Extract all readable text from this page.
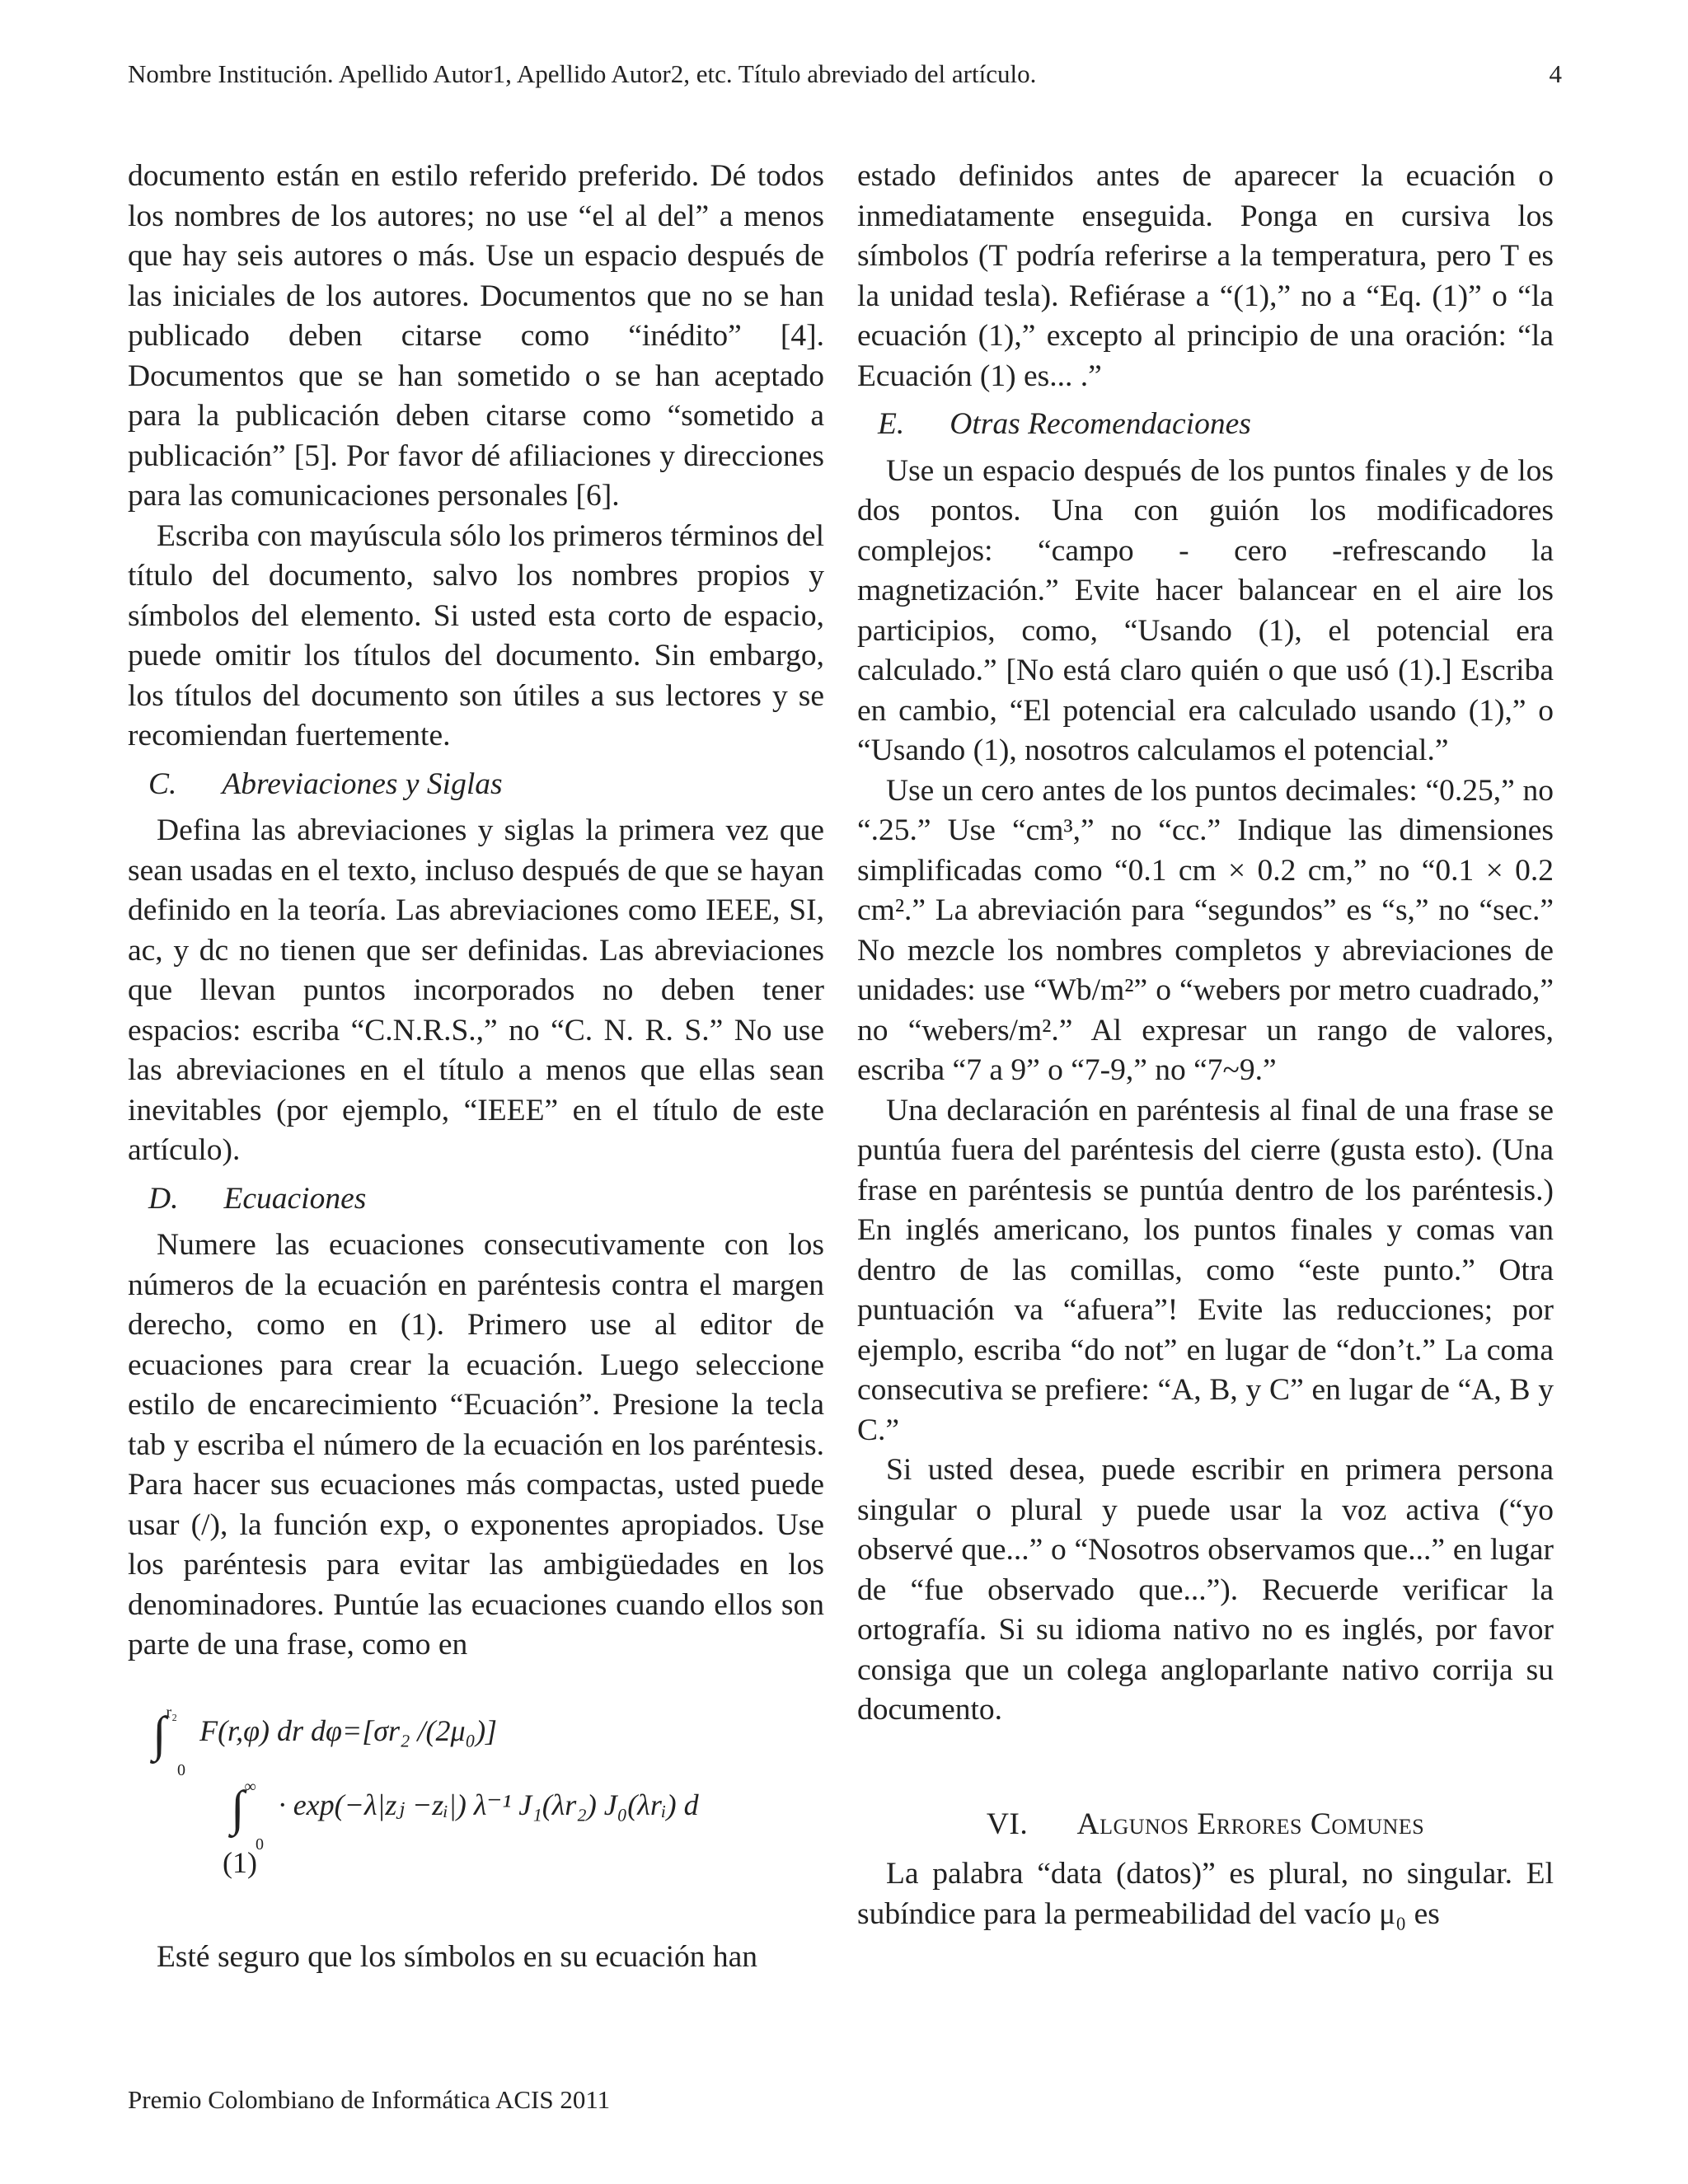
Nombre Institución. Apellido Autor1, Apellido Autor2, etc. Título abreviado del artículo.	4

documento están en estilo referido preferido. Dé todos los nombres de los autores; no use “el al del” a menos que hay seis autores o más. Use un espacio después de las iniciales de los autores. Documentos que no se han publicado deben citarse como “inédito” [4]. Documentos que se han sometido o se han aceptado para la publicación deben citarse como “sometido a publicación” [5]. Por favor dé afiliaciones y direcciones para las comunicaciones personales [6].

Escriba con mayúscula sólo los primeros términos del título del documento, salvo los nombres propios y símbolos del elemento. Si usted esta corto de espacio, puede omitir los títulos del documento. Sin embargo, los títulos del documento son útiles a sus lectores y se recomiendan fuertemente.

C. Abreviaciones y Siglas

Defina las abreviaciones y siglas la primera vez que sean usadas en el texto, incluso después de que se hayan definido en la teoría. Las abreviaciones como IEEE, SI, ac, y dc no tienen que ser definidas. Las abreviaciones que llevan puntos incorporados no deben tener espacios: escriba “C.N.R.S.,” no “C. N. R. S.” No use las abreviaciones en el título a menos que ellas sean inevitables (por ejemplo, “IEEE” en el título de este artículo).

D. Ecuaciones

Numere las ecuaciones consecutivamente con los números de la ecuación en paréntesis contra el margen derecho, como en (1). Primero use al editor de ecuaciones para crear la ecuación. Luego seleccione estilo de encarecimiento “Ecuación”. Presione la tecla tab y escriba el número de la ecuación en los paréntesis. Para hacer sus ecuaciones más compactas, usted puede usar (/), la función exp, o exponentes apropiados. Use los paréntesis para evitar las ambigüedades en los denominadores. Puntúe las ecuaciones cuando ellos son parte de una frase, como en

∫$^{r_2}$
0
F(r,φ) dr dφ=[σr₂ /(2μ₀)]
∫∞
0
· exp(−λ|zⱼ −zᵢ|) λ⁻¹ J₁(λr₂) J₀(λrᵢ) d
(1)

Esté seguro que los símbolos en su ecuación han

estado definidos antes de aparecer la ecuación o inmediatamente enseguida. Ponga en cursiva los símbolos (T podría referirse a la temperatura, pero T es la unidad tesla). Refiérase a “(1),” no a “Eq. (1)” o “la ecuación (1),” excepto al principio de una oración: “la Ecuación (1) es... .”

E. Otras Recomendaciones

Use un espacio después de los puntos finales y de los dos pontos. Una con guión los modificadores complejos: “campo - cero -refrescando la magnetización.” Evite hacer balancear en el aire los participios, como, “Usando (1), el potencial era calculado.” [No está claro quién o que usó (1).] Escriba en cambio, “El potencial era calculado usando (1),” o “Usando (1), nosotros calculamos el potencial.”

Use un cero antes de los puntos decimales: “0.25,” no “.25.” Use “cm³,” no “cc.” Indique las dimensiones simplificadas como “0.1 cm × 0.2 cm,” no “0.1 × 0.2 cm².” La abreviación para “segundos” es “s,” no “sec.” No mezcle los nombres completos y abreviaciones de unidades: use “Wb/m²” o “webers por metro cuadrado,” no “webers/m².” Al expresar un rango de valores, escriba “7 a 9” o “7-9,” no “7~9.”

Una declaración en paréntesis al final de una frase se puntúa fuera del paréntesis del cierre (gusta esto). (Una frase en paréntesis se puntúa dentro de los paréntesis.) En inglés americano, los puntos finales y comas van dentro de las comillas, como “este punto.” Otra puntuación va “afuera”! Evite las reducciones; por ejemplo, escriba “do not” en lugar de “don’t.” La coma consecutiva se prefiere: “A, B, y C” en lugar de “A, B y C.”

Si usted desea, puede escribir en primera persona singular o plural y puede usar la voz activa (“yo observé que...” o “Nosotros observamos que...” en lugar de “fue observado que...”). Recuerde verificar la ortografía. Si su idioma nativo no es inglés, por favor consiga que un colega angloparlante nativo corrija su documento.

VI. Algunos Errores Comunes

La palabra “data (datos)” es plural, no singular. El subíndice para la permeabilidad del vacío μ₀ es

Premio Colombiano de Informática ACIS 2011
